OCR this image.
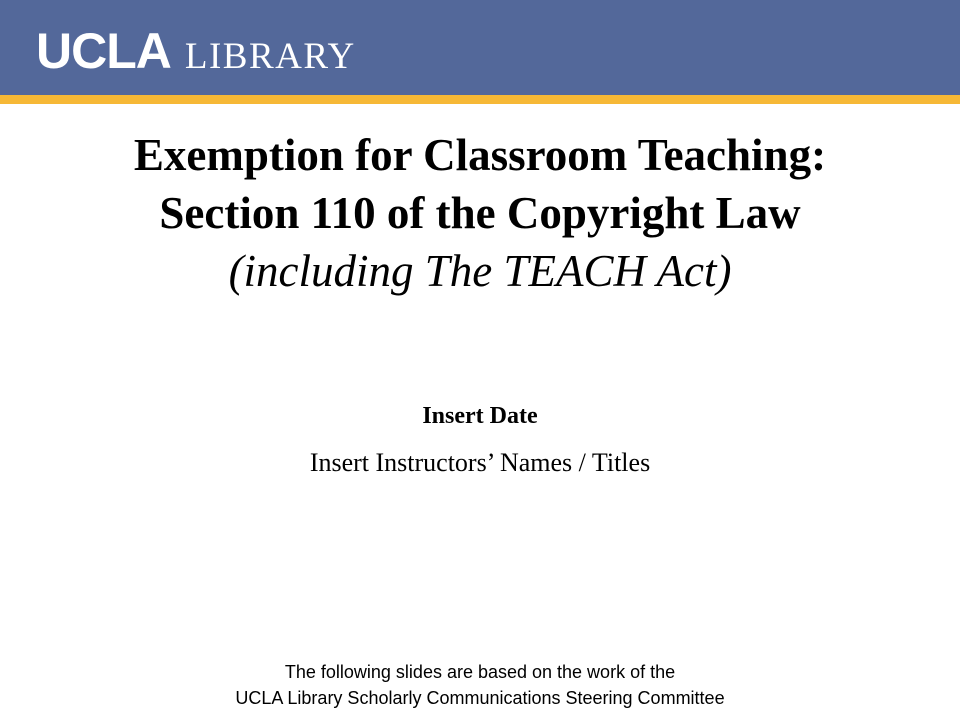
UCLA LIBRARY
Exemption for Classroom Teaching:
Section 110 of the Copyright Law
(including The TEACH Act)
Insert Date
Insert Instructors’ Names / Titles
The following slides are based on the work of the
UCLA Library Scholarly Communications Steering Committee
